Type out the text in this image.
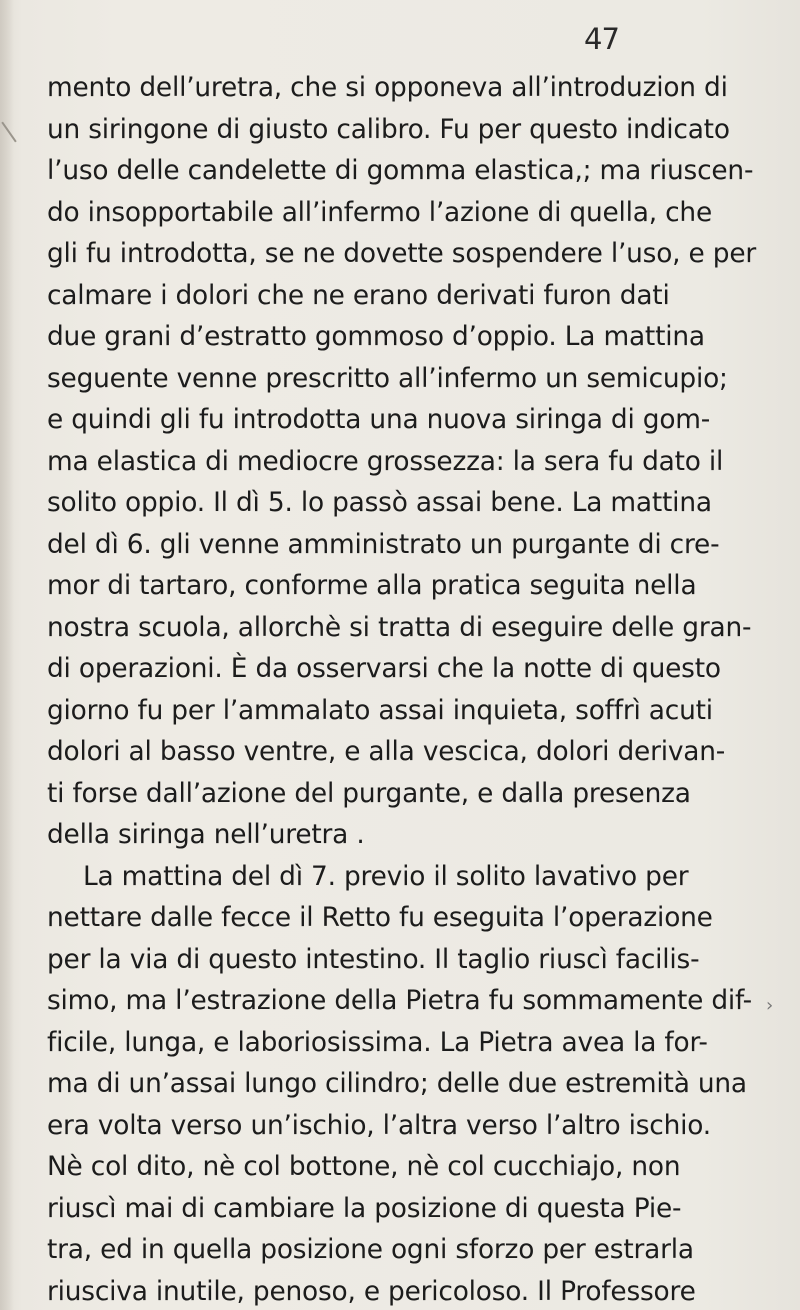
47
mento dell’uretra, che si opponeva all’introduzion di
un siringone di giusto calibro. Fu per questo indicato
l’uso delle candelette di gomma elastica,; ma riuscen-
do insopportabile all’infermo l’azione di quella, che
gli fu introdotta, se ne dovette sospendere l’uso, e per
calmare i dolori che ne erano derivati furon dati
due grani d’estratto gommoso d’oppio. La mattina
seguente venne prescritto all’infermo un semicupio;
e quindi gli fu introdotta una nuova siringa di gom-
ma elastica di mediocre grossezza: la sera fu dato il
solito oppio. Il dì 5. lo passò assai bene. La mattina
del dì 6. gli venne amministrato un purgante di cre-
mor di tartaro, conforme alla pratica seguita nella
nostra scuola, allorchè si tratta di eseguire delle gran-
di operazioni. È da osservarsi che la notte di questo
giorno fu per l’ammalato assai inquieta, soffrì acuti
dolori al basso ventre, e alla vescica, dolori derivan-
ti forse dall’azione del purgante, e dalla presenza
della siringa nell’uretra .
La mattina del dì 7. previo il solito lavativo per
nettare dalle fecce il Retto fu eseguita l’operazione
per la via di questo intestino. Il taglio riuscì facilis-
simo, ma l’estrazione della Pietra fu sommamente dif-
ficile, lunga, e laboriosissima. La Pietra avea la for-
ma di un’assai lungo cilindro; delle due estremità una
era volta verso un’ischio, l’altra verso l’altro ischio.
Nè col dito, nè col bottone, nè col cucchiajo, non
riuscì mai di cambiare la posizione di questa Pie-
tra, ed in quella posizione ogni sforzo per estrarla
riusciva inutile, penoso, e pericoloso. Il Professore
›
